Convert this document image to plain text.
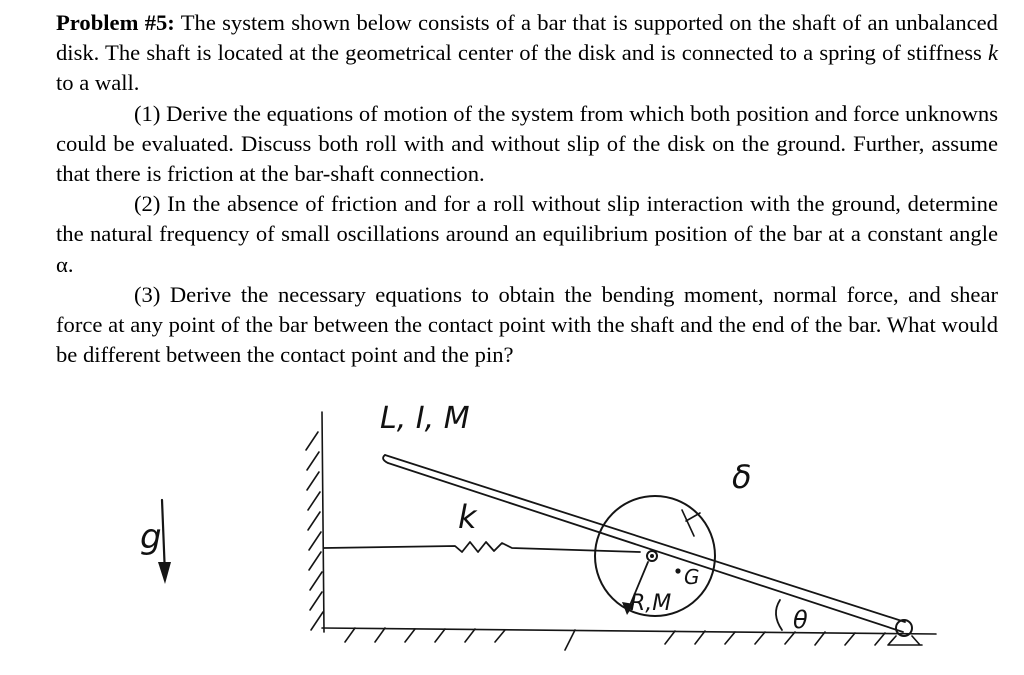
Problem #5: The system shown below consists of a bar that is supported on the shaft of an unbalanced disk. The shaft is located at the geometrical center of the disk and is connected to a spring of stiffness k to a wall.

(1) Derive the equations of motion of the system from which both position and force unknowns could be evaluated. Discuss both roll with and without slip of the disk on the ground. Further, assume that there is friction at the bar-shaft connection.

(2) In the absence of friction and for a roll without slip interaction with the ground, determine the natural frequency of small oscillations around an equilibrium position of the bar at a constant angle α.

(3) Derive the necessary equations to obtain the bending moment, normal force, and shear force at any point of the bar between the contact point with the shaft and the end of the bar. What would be different between the contact point and the pin?

g
L, I, M
k
G
R,M
δ
θ
